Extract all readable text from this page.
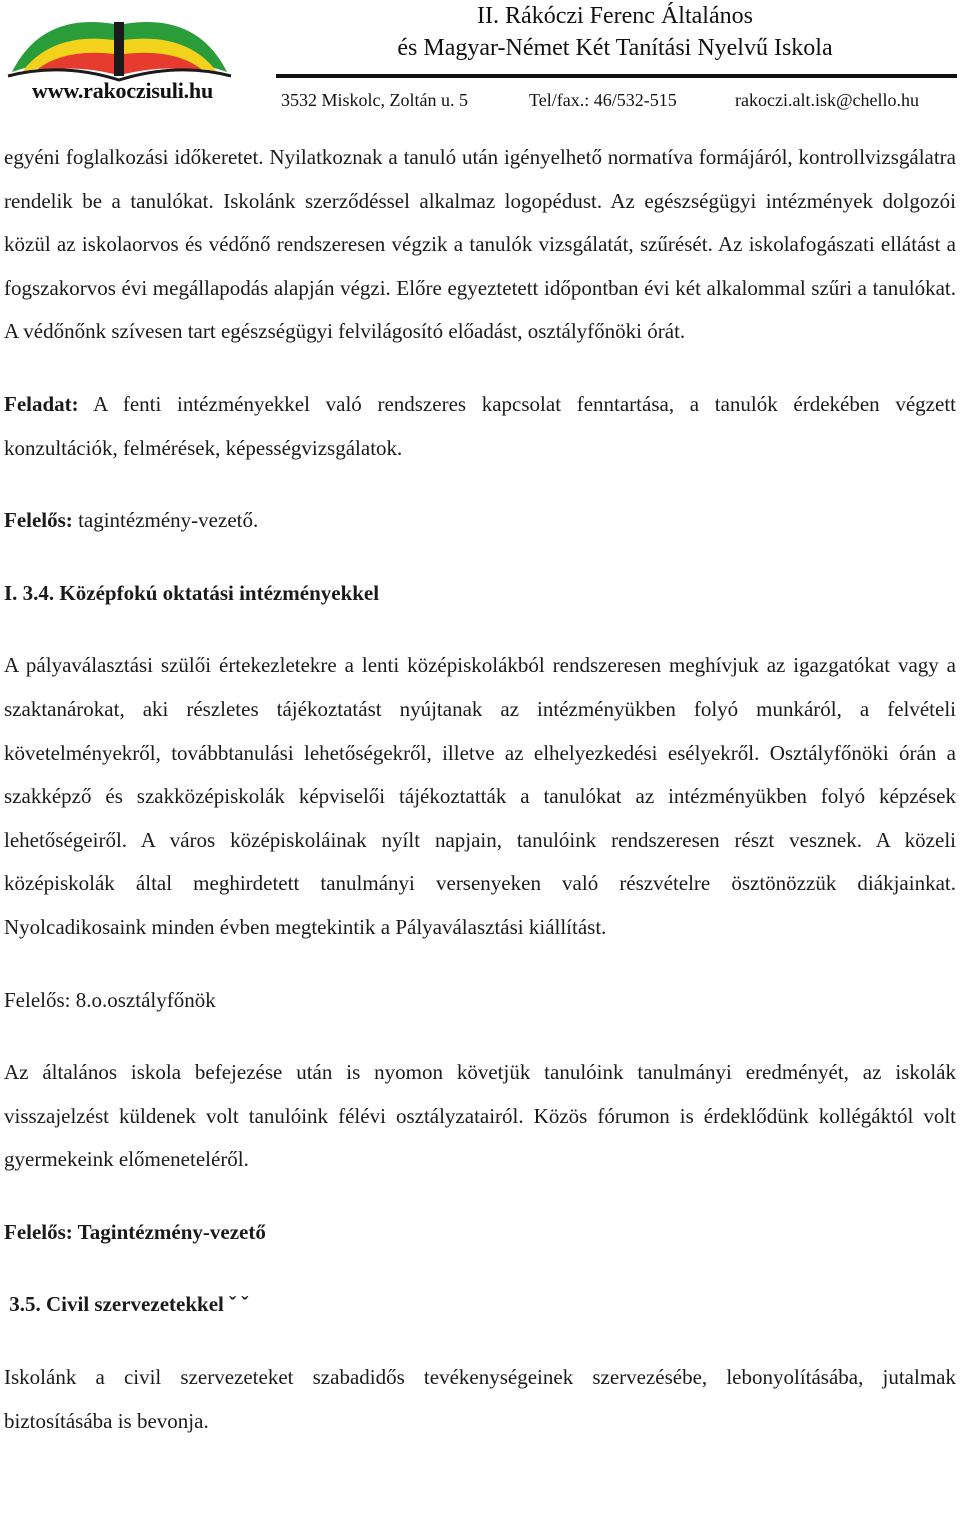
www.rakoczisuli.hu
II. Rákóczi Ferenc Általános
és Magyar-Német Két Tanítási Nyelvű Iskola
3532 Miskolc, Zoltán u. 5	Tel/fax.: 46/532-515	rakoczi.alt.isk@chello.hu

egyéni foglalkozási időkeretet. Nyilatkoznak a tanuló után igényelhető normatíva formájáról, kontrollvizsgálatra rendelik be a tanulókat. Iskolánk szerződéssel alkalmaz logopédust. Az egészségügyi intézmények dolgozói közül az iskolaorvos és védőnő rendszeresen végzik a tanulók vizsgálatát, szűrését. Az iskolafogászati ellátást a fogszakorvos évi megállapodás alapján végzi. Előre egyeztetett időpontban évi két alkalommal szűri a tanulókat. A védőnőnk szívesen tart egészségügyi felvilágosító előadást, osztályfőnöki órát.

Feladat: A fenti intézményekkel való rendszeres kapcsolat fenntartása, a tanulók érdekében végzett konzultációk, felmérések, képességvizsgálatok.

Felelős: tagintézmény-vezető.

I. 3.4. Középfokú oktatási intézményekkel

A pályaválasztási szülői értekezletekre a lenti középiskolákból rendszeresen meghívjuk az igazgatókat vagy a szaktanárokat, aki részletes tájékoztatást nyújtanak az intézményükben folyó munkáról, a felvételi követelményekről, továbbtanulási lehetőségekről, illetve az elhelyezkedési esélyekről. Osztályfőnöki órán a szakképző és szakközépiskolák képviselői tájékoztatták a tanulókat az intézményükben folyó képzések lehetőségeiről. A város középiskoláinak nyílt napjain, tanulóink rendszeresen részt vesznek. A közeli középiskolák által meghirdetett tanulmányi versenyeken való részvételre ösztönözzük diákjainkat. Nyolcadikosaink minden évben megtekintik a Pályaválasztási kiállítást.

Felelős: 8.o.osztályfőnök

Az általános iskola befejezése után is nyomon követjük tanulóink tanulmányi eredményét, az iskolák visszajelzést küldenek volt tanulóink félévi osztályzatairól. Közös fórumon is érdeklődünk kollégáktól volt gyermekeink előmeneteléről.

Felelős: Tagintézmény-vezető

3.5. Civil szervezetekkel ˇ ˇ

Iskolánk a civil szervezeteket szabadidős tevékenységeinek szervezésébe, lebonyolításába, jutalmak biztosításába is bevonja.
